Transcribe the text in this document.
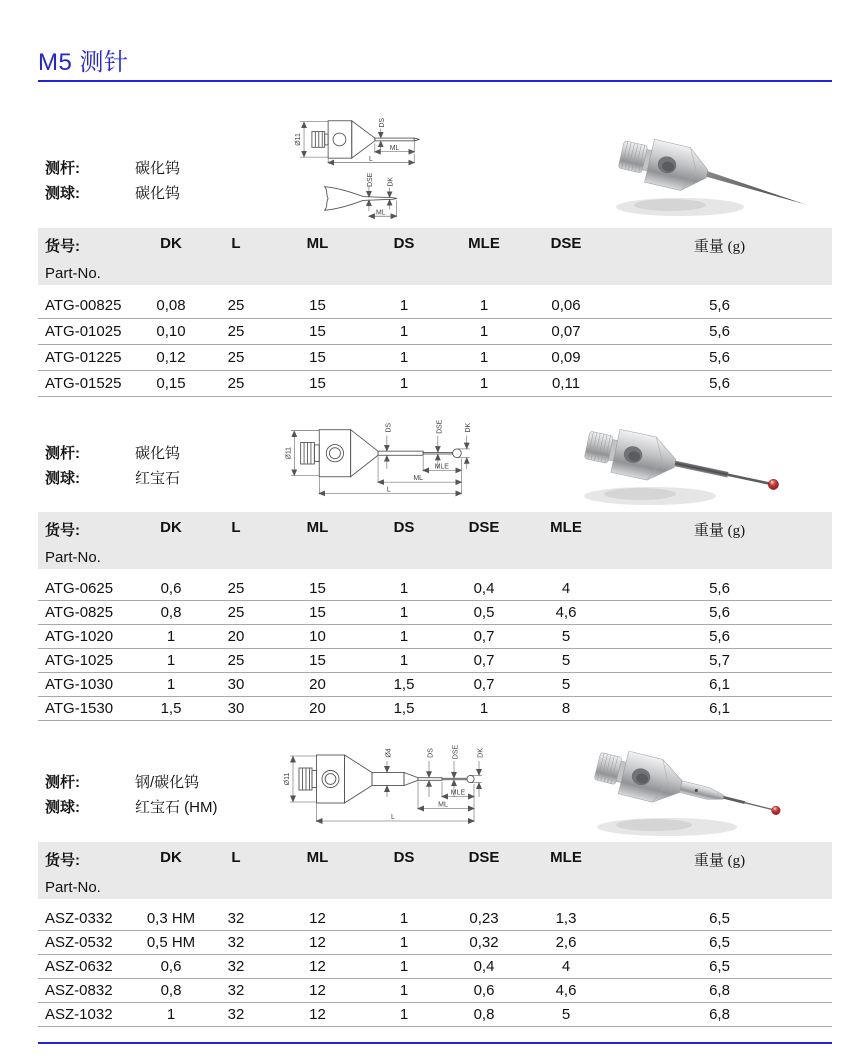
M5 测针
测杆:	碳化钨
测球:	碳化钨
Ø11
DS
ML
L
DSE DK
ML
货号:
Part-No.
DK	L	ML	DS	MLE	DSE	重量 (g)
ATG-00825	0,08	25	15	1	1	0,06	5,6
ATG-01025	0,10	25	15	1	1	0,07	5,6
ATG-01225	0,12	25	15	1	1	0,09	5,6
ATG-01525	0,15	25	15	1	1	0,11	5,6
测杆:	碳化钨
测球:	红宝石
Ø11
DS	DSE	DK
MLE
ML
L
货号:
Part-No.
DK	L	ML	DS	DSE	MLE	重量 (g)
ATG-0625	0,6	25	15	1	0,4	4	5,6
ATG-0825	0,8	25	15	1	0,5	4,6	5,6
ATG-1020	1	20	10	1	0,7	5	5,6
ATG-1025	1	25	15	1	0,7	5	5,7
ATG-1030	1	30	20	1,5	0,7	5	6,1
ATG-1530	1,5	30	20	1,5	1	8	6,1
测杆:	钢/碳化钨
测球:	红宝石 (HM)
Ø11
Ø4	DS	DSE	DK
MLE
ML
L
货号:
Part-No.
DK	L	ML	DS	DSE	MLE	重量 (g)
ASZ-0332	0,3 HM	32	12	1	0,23	1,3	6,5
ASZ-0532	0,5 HM	32	12	1	0,32	2,6	6,5
ASZ-0632	0,6	32	12	1	0,4	4	6,5
ASZ-0832	0,8	32	12	1	0,6	4,6	6,8
ASZ-1032	1	32	12	1	0,8	5	6,8
